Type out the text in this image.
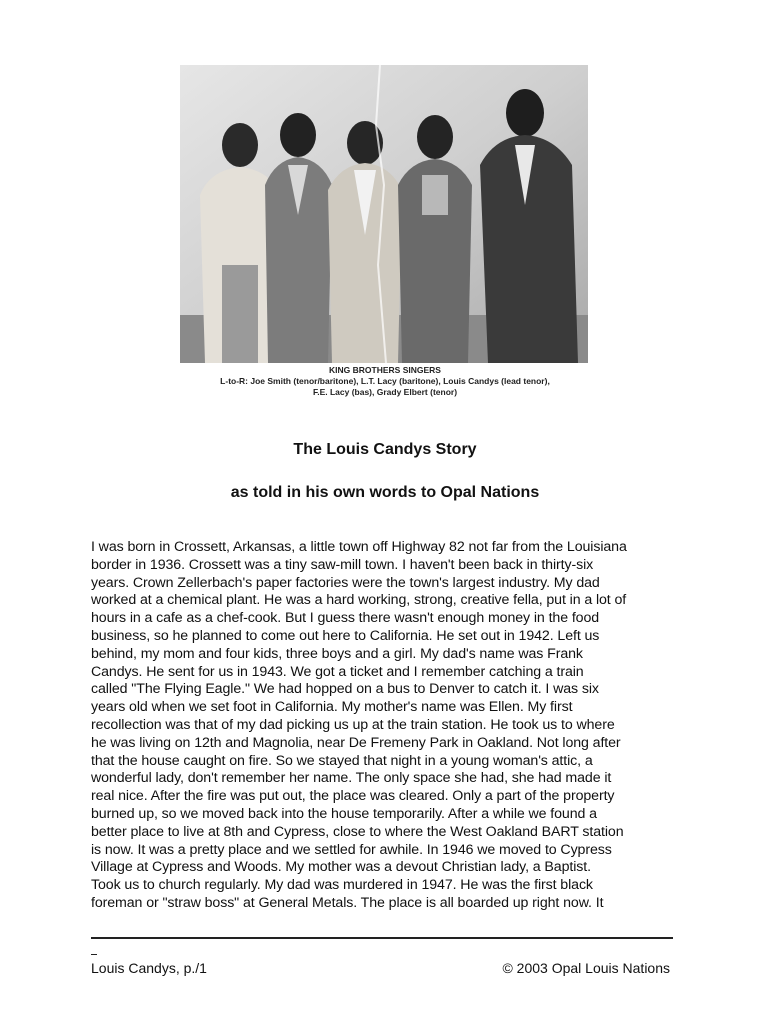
KING BROTHERS SINGERS
L-to-R: Joe Smith (tenor/baritone), L.T. Lacy (baritone), Louis Candys (lead tenor),
F.E. Lacy (bas), Grady Elbert (tenor)
The Louis Candys Story
as told in his own words to Opal Nations
I was born in Crossett, Arkansas, a little town off Highway 82 not far from the Louisiana
border in 1936. Crossett was a tiny saw-mill town. I haven't been back in thirty-six
years. Crown Zellerbach's paper factories were the town's largest industry. My dad
worked at a chemical plant. He was a hard working, strong, creative fella, put in a lot of
hours in a cafe as a chef-cook. But I guess there wasn't enough money in the food
business, so he planned to come out here to California. He set out in 1942. Left us
behind, my mom and four kids, three boys and a girl. My dad's name was Frank
Candys. He sent for us in 1943. We got a ticket and I remember catching a train
called "The Flying Eagle." We had hopped on a bus to Denver to catch it. I was six
years old when we set foot in California. My mother's name was Ellen. My first
recollection was that of my dad picking us up at the train station. He took us to where
he was living on 12th and Magnolia, near De Fremeny Park in Oakland. Not long after
that the house caught on fire. So we stayed that night in a young woman's attic, a
wonderful lady, don't remember her name. The only space she had, she had made it
real nice. After the fire was put out, the place was cleared. Only a part of the property
burned up, so we moved back into the house temporarily. After a while we found a
better place to live at 8th and Cypress, close to where the West Oakland BART station
is now. It was a pretty place and we settled for awhile. In 1946 we moved to Cypress
Village at Cypress and Woods. My mother was a devout Christian lady, a Baptist.
Took us to church regularly. My dad was murdered in 1947. He was the first black
foreman or "straw boss" at General Metals. The place is all boarded up right now. It
Louis Candys, p./1	© 2003 Opal Louis Nations
